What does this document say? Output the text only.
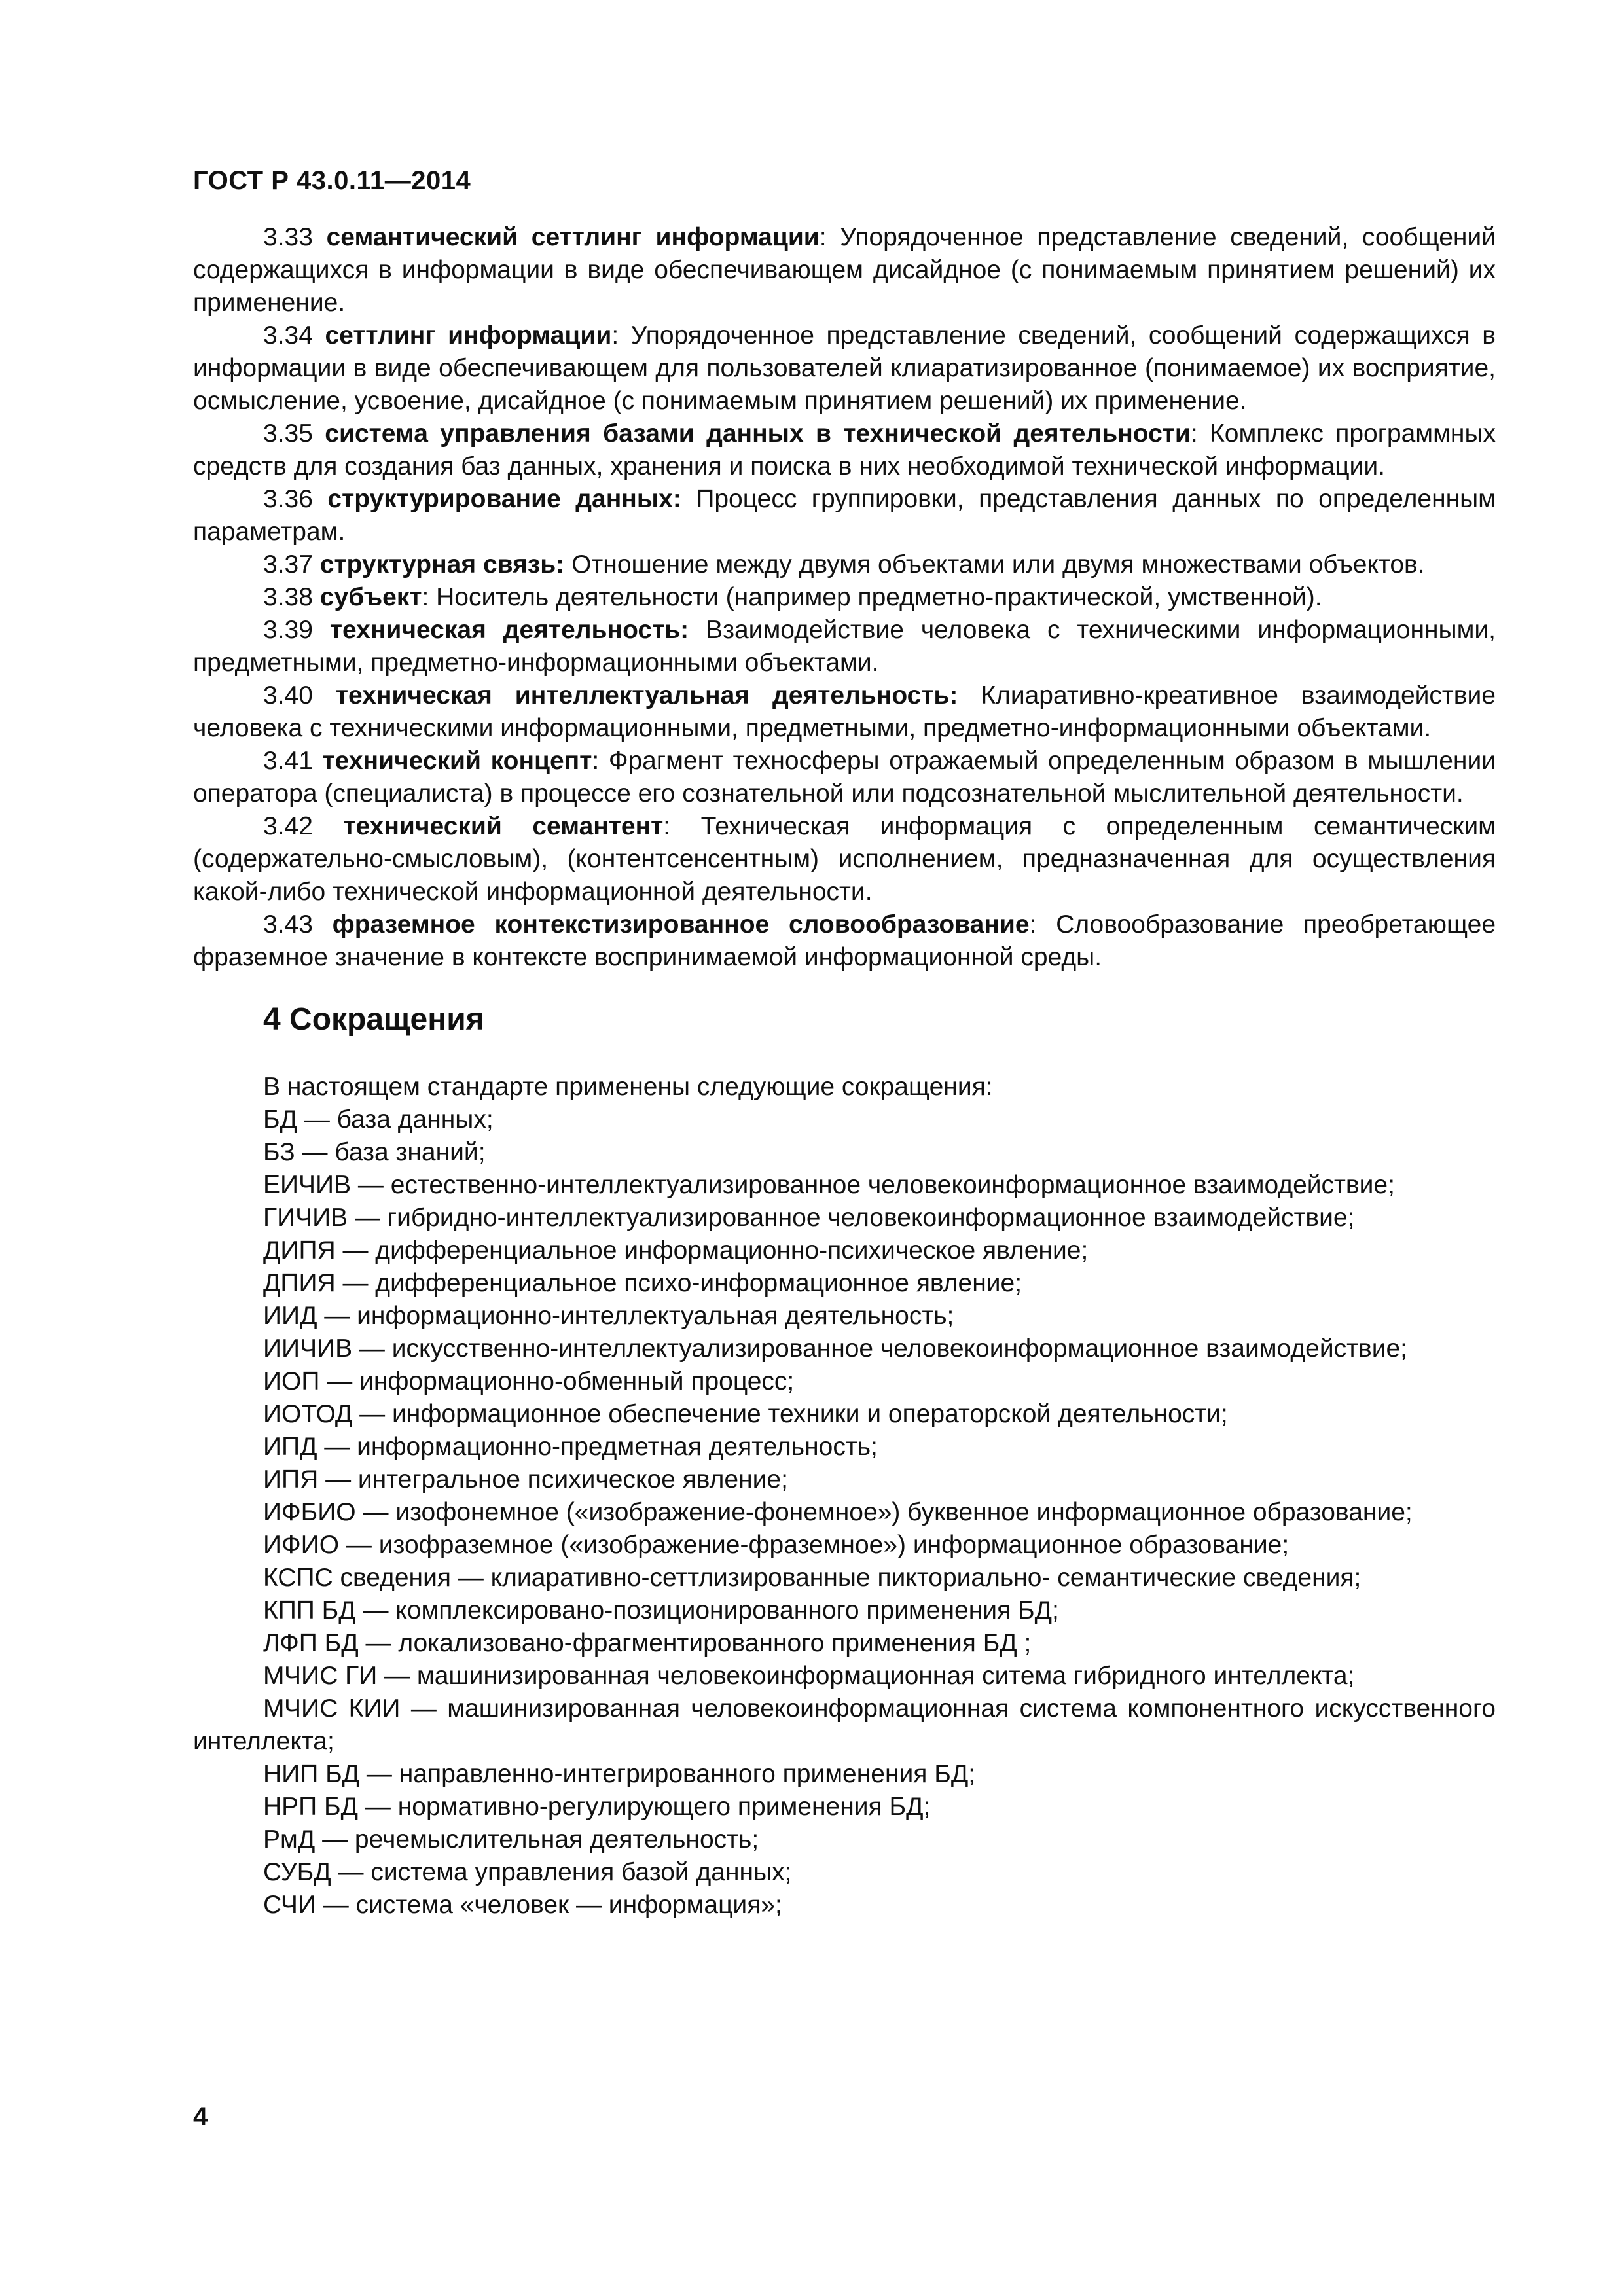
ГОСТ Р 43.0.11—2014

3.33 семантический сеттлинг информации: Упорядоченное представление сведений, сообщений содержащихся в информации в виде обеспечивающем дисайдное (с понимаемым принятием решений) их применение.

3.34 сеттлинг информации: Упорядоченное представление сведений, сообщений содержащихся в информации в виде обеспечивающем для пользователей клиаратизированное (понимаемое) их восприятие, осмысление, усвоение, дисайдное (с понимаемым принятием решений) их применение.

3.35 система управления базами данных в технической деятельности: Комплекс программных средств для создания баз данных, хранения и поиска в них необходимой технической информации.

3.36 структурирование данных: Процесс группировки, представления данных по определенным параметрам.

3.37 структурная связь: Отношение между двумя объектами или двумя множествами объектов.

3.38 субъект: Носитель деятельности (например предметно-практической, умственной).

3.39 техническая деятельность: Взаимодействие человека с техническими информационными, предметными, предметно-информационными объектами.

3.40 техническая интеллектуальная деятельность: Клиаративно-креативное взаимодействие человека с техническими информационными, предметными, предметно-информационными объектами.

3.41 технический концепт: Фрагмент техносферы отражаемый определенным образом в мышлении оператора (специалиста) в процессе его сознательной или подсознательной мыслительной деятельности.

3.42 технический семантент: Техническая информация с определенным семантическим (содержательно-смысловым), (контентсенсентным) исполнением, предназначенная для осуществления какой-либо технической информационной деятельности.

3.43 фраземное контекстизированное словообразование: Словообразование преобретающее фраземное значение в контексте воспринимаемой информационной среды.

4 Сокращения

В настоящем стандарте применены следующие сокращения:

БД — база данных;
БЗ — база знаний;
ЕИЧИВ — естественно-интеллектуализированное человекоинформационное взаимодействие;
ГИЧИВ — гибридно-интеллектуализированное человекоинформационное взаимодействие;
ДИПЯ — дифференциальное информационно-психическое явление;
ДПИЯ — дифференциальное психо-информационное явление;
ИИД — информационно-интеллектуальная деятельность;
ИИЧИВ — искусственно-интеллектуализированное человекоинформационное взаимодействие;
ИОП — информационно-обменный процесс;
ИОТОД — информационное обеспечение техники и операторской деятельности;
ИПД — информационно-предметная деятельность;
ИПЯ — интегральное психическое явление;
ИФБИО — изофонемное («изображение-фонемное») буквенное информационное образование;
ИФИО — изофраземное («изображение-фраземное») информационное образование;
КСПС сведения — клиаративно-сеттлизированные пикториально- семантические сведения;
КПП БД — комплексировано-позиционированного применения БД;
ЛФП БД — локализовано-фрагментированного применения БД ;
МЧИС ГИ — машинизированная человекоинформационная ситема гибридного интеллекта;
МЧИС КИИ — машинизированная человекоинформационная система компонентного искусственного интеллекта;
НИП БД — направленно-интегрированного применения БД;
НРП БД — нормативно-регулирующего применения БД;
РмД — речемыслительная деятельность;
СУБД — система управления базой данных;
СЧИ — система «человек — информация»;
4
